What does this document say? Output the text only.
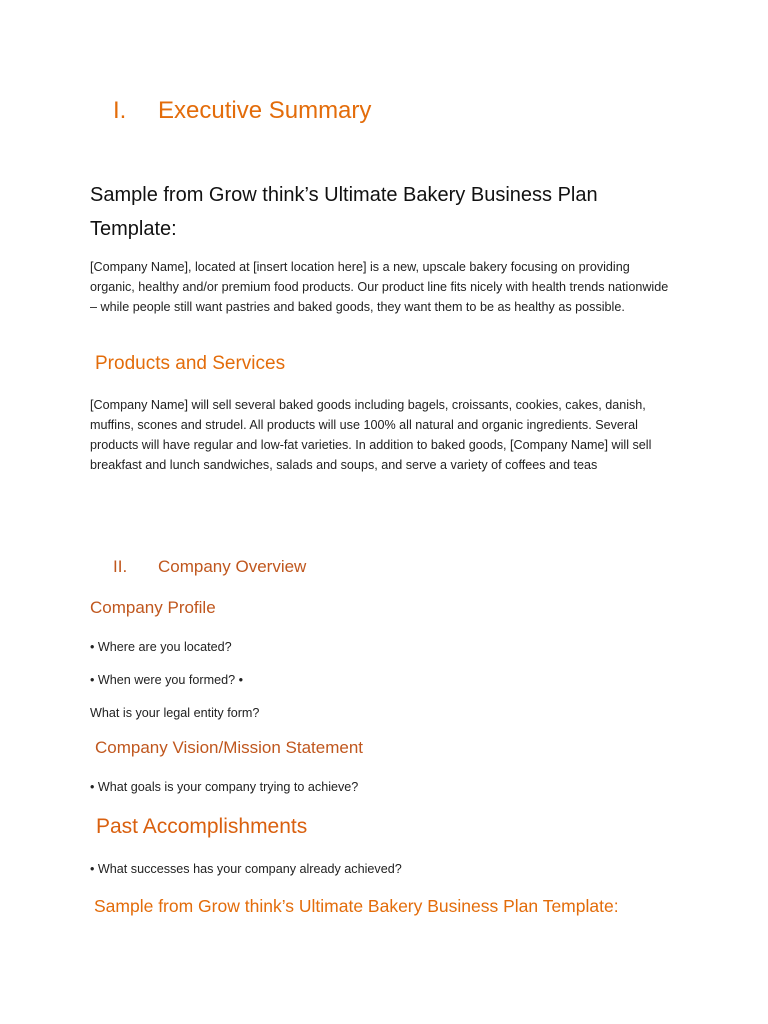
I. Executive Summary
Sample from Grow think’s Ultimate Bakery Business Plan Template:
[Company Name], located at [insert location here] is a new, upscale bakery focusing on providing organic, healthy and/or premium food products. Our product line fits nicely with health trends nationwide – while people still want pastries and baked goods, they want them to be as healthy as possible.
Products and Services
[Company Name] will sell several baked goods including bagels, croissants, cookies, cakes, danish, muffins, scones and strudel. All products will use 100% all natural and organic ingredients. Several products will have regular and low-fat varieties. In addition to baked goods, [Company Name] will sell breakfast and lunch sandwiches, salads and soups, and serve a variety of coffees and teas
II. Company Overview
Company Profile
• Where are you located?
• When were you formed? •
What is your legal entity form?
Company Vision/Mission Statement
• What goals is your company trying to achieve?
Past Accomplishments
• What successes has your company already achieved?
Sample from Grow think’s Ultimate Bakery Business Plan Template:
